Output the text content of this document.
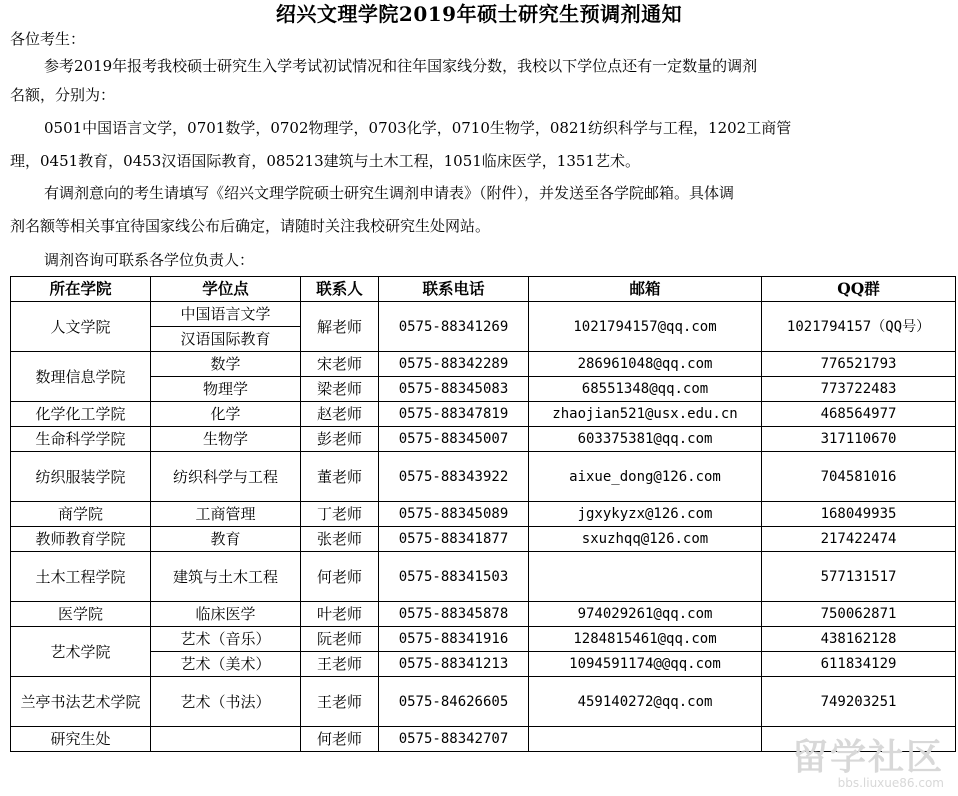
绍兴文理学院2019年硕士研究生预调剂通知
各位考生：
参考2019年报考我校硕士研究生入学考试初试情况和往年国家线分数，我校以下学位点还有一定数量的调剂
名额，分别为：
0501中国语言文学，0701数学，0702物理学，0703化学，0710生物学，0821纺织科学与工程，1202工商管
理，0451教育，0453汉语国际教育，085213建筑与土木工程，1051临床医学，1351艺术。
有调剂意向的考生请填写《绍兴文理学院硕士研究生调剂申请表》（附件），并发送至各学院邮箱。具体调
剂名额等相关事宜待国家线公布后确定，请随时关注我校研究生处网站。
调剂咨询可联系各学位负责人：
所在学院	学位点	联系人	联系电话	邮箱	QQ群
人文学院	中国语言文学	解老师	0575-88341269	1021794157@qq.com	1021794157（QQ号）
	汉语国际教育				
数理信息学院	数学	宋老师	0575-88342289	286961048@qq.com	776521793
	物理学	梁老师	0575-88345083	68551348@qq.com	773722483
化学化工学院	化学	赵老师	0575-88347819	zhaojian521@usx.edu.cn	468564977
生命科学学院	生物学	彭老师	0575-88345007	603375381@qq.com	317110670
纺织服装学院	纺织科学与工程	董老师	0575-88343922	aixue_dong@126.com	704581016
商学院	工商管理	丁老师	0575-88345089	jgxykyzx@126.com	168049935
教师教育学院	教育	张老师	0575-88341877	sxuzhqq@126.com	217422474
土木工程学院	建筑与土木工程	何老师	0575-88341503		577131517
医学院	临床医学	叶老师	0575-88345878	974029261@qq.com	750062871
艺术学院	艺术（音乐）	阮老师	0575-88341916	1284815461@qq.com	438162128
	艺术（美术）	王老师	0575-88341213	1094591174@@qq.com	611834129
兰亭书法艺术学院	艺术（书法）	王老师	0575-84626605	459140272@qq.com	749203251
研究生处		何老师	0575-88342707			留学社区
bbs.liuxue86.com
